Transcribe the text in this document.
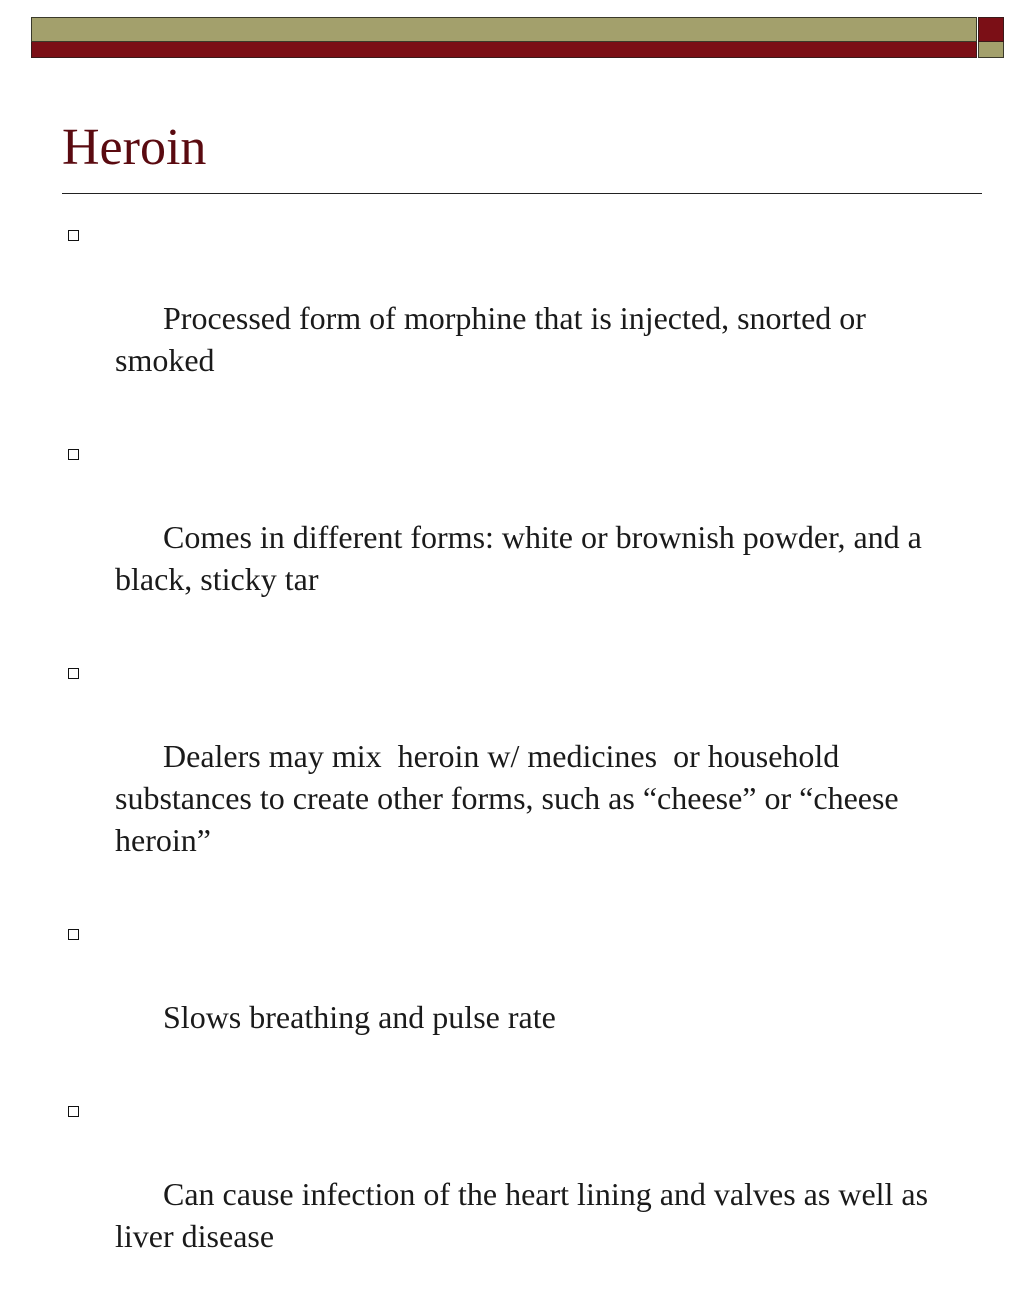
Heroin

Processed form of morphine that is injected, snorted or smoked

Comes in different forms: white or brownish powder, and a black, sticky tar

Dealers may mix  heroin w/ medicines  or household substances to create other forms, such as “cheese” or “cheese heroin”

Slows breathing and pulse rate

Can cause infection of the heart lining and valves as well as liver disease
